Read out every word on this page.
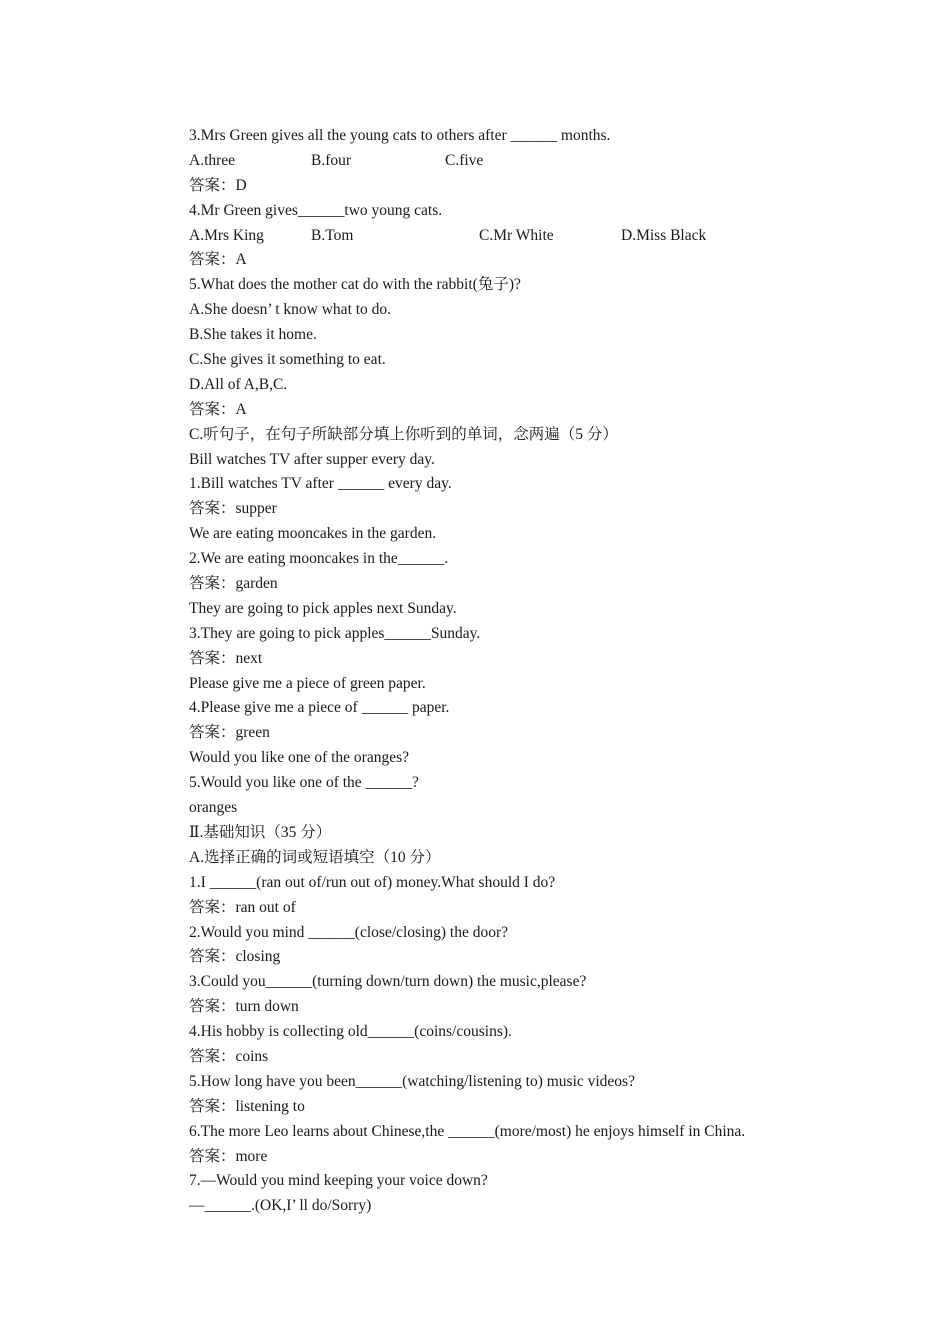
3.Mrs Green gives all the young cats to others after ______ months.

A.three

	B.four

	C.five

答案：D
4.Mr Green gives______two young cats.

A.Mrs King

	B.Tom

	C.Mr White

	D.Miss Black

答案：A
5.What does the mother cat do with the rabbit(兔子)?
A.She doesn’ t know what to do.
B.She takes it home.
C.She gives it something to eat.
D.All of A,B,C.
答案：A
C.听句子，在句子所缺部分填上你听到的单词，念两遍（5 分）
Bill watches TV after supper every day.
1.Bill watches TV after ______ every day.
答案：supper
We are eating mooncakes in the garden.
2.We are eating mooncakes in the______.
答案：garden
They are going to pick apples next Sunday.
3.They are going to pick apples______Sunday.
答案：next
Please give me a piece of green paper.
4.Please give me a piece of ______ paper.
答案：green
Would you like one of the oranges?
5.Would you like one of the ______?
oranges
Ⅱ.基础知识（35 分）
A.选择正确的词或短语填空（10 分）
1.I ______(ran out of/run out of) money.What should I do?
答案：ran out of
2.Would you mind ______(close/closing) the door?
答案：closing
3.Could you______(turning down/turn down) the music,please?
答案：turn down
4.His hobby is collecting old______(coins/cousins).
答案：coins
5.How long have you been______(watching/listening to) music videos?
答案：listening to
6.The more Leo learns about Chinese,the ______(more/most) he enjoys himself in China.
答案：more
7.—Would you mind keeping your voice down?
—______.(OK,I’ ll do/Sorry)
